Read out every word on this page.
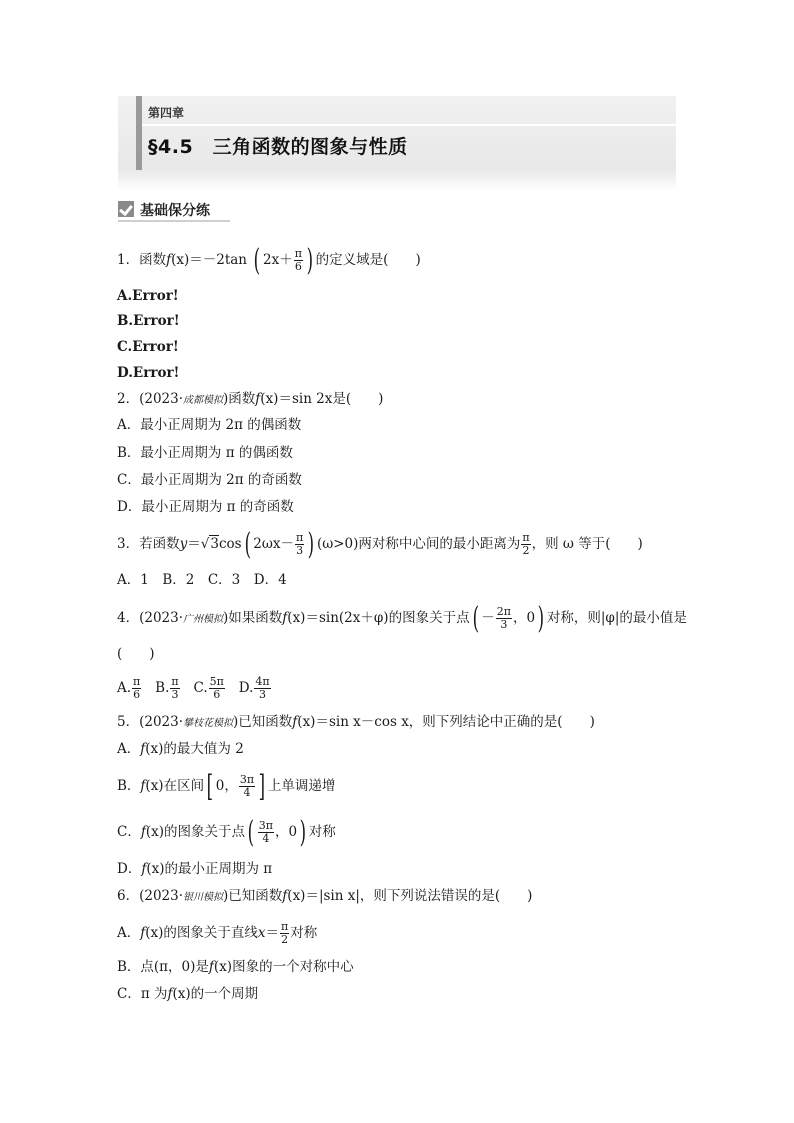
第四章
§4.5　三角函数的图象与性质
基础保分练
1．函数f(x)＝－2tan ( $2x+ \frac{\pi}{6}$ ) 的定义域是(　　)
A.Error!
B.Error!
C.Error!
D.Error!
2．(2023·成都模拟)函数f(x)＝sin 2x是(　　)
A．最小正周期为 2π 的偶函数
B．最小正周期为 π 的偶函数
C．最小正周期为 2π 的奇函数
D．最小正周期为 π 的奇函数
3．若函数y＝√3cos( $2\omega x- \frac{\pi}{3}$ ) (ω>0)两对称中心间的最小距离为 $\frac{\pi}{2}$ ，则 ω 等于(　　)
A．1　B．2　C．3　D．4
4．(2023·广州模拟)如果函数f(x)＝sin(2x＋φ)的图象关于点( － $\frac{2\pi}{3}$ ，0) 对称，则|φ|的最小值是
(　　)
A. $\frac{\pi}{6} B$. $\frac{\pi}{3} C$. $\frac{5\pi}{6} D$. $\frac{4\pi}{3}$
5．(2023·攀枝花模拟)已知函数f(x)＝sin x－cos x，则下列结论中正确的是(　　)
A．f(x)的最大值为 2
B．f(x)在区间[ 0， $\frac{3\pi}{4}$ ] 上单调递增
C．f(x)的图象关于点( $\frac{3\pi}{4}$ ，0) 对称
D．f(x)的最小正周期为 π
6．(2023·银川模拟)已知函数f(x)＝|sin x|，则下列说法错误的是(　　)
A．f(x)的图象关于直线$x= \frac{\pi}{2}$ 对称
B．点(π，0)是f(x)图象的一个对称中心
C．π 为f(x)的一个周期
